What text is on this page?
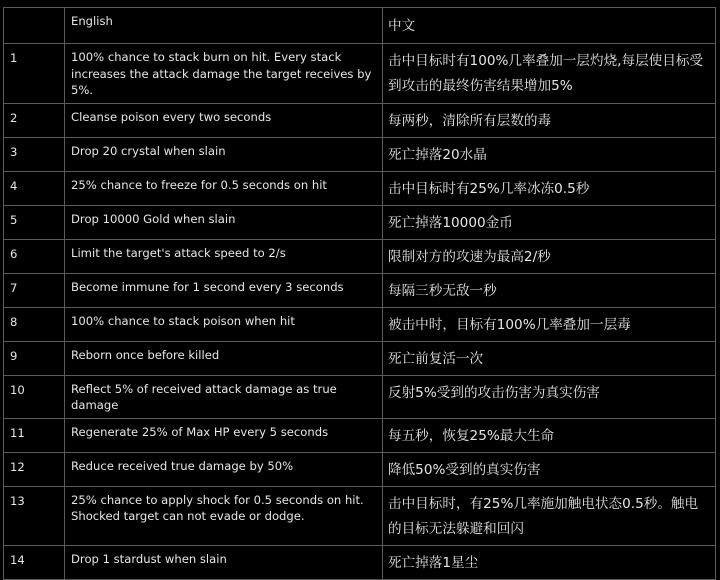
	English	中文
1	100% chance to stack burn on hit. Every stack increases the attack damage the target receives by 5%.	击中目标时有100%几率叠加一层灼烧,每层使目标受到攻击的最终伤害结果增加5%
2	Cleanse poison every two seconds	每两秒，清除所有层数的毒
3	Drop 20 crystal when slain	死亡掉落20水晶
4	25% chance to freeze for 0.5 seconds on hit	击中目标时有25%几率冰冻0.5秒
5	Drop 10000 Gold when slain	死亡掉落10000金币
6	Limit the target's attack speed to 2/s	限制对方的攻速为最高2/秒
7	Become immune for 1 second every 3 seconds	每隔三秒无敌一秒
8	100% chance to stack poison when hit	被击中时，目标有100%几率叠加一层毒
9	Reborn once before killed	死亡前复活一次
10	Reflect 5% of received attack damage as true damage	反射5%受到的攻击伤害为真实伤害
11	Regenerate 25% of Max HP every 5 seconds	每五秒，恢复25%最大生命
12	Reduce received true damage by 50%	降低50%受到的真实伤害
13	25% chance to apply shock for 0.5 seconds on hit. Shocked target can not evade or dodge.	击中目标时，有25%几率施加触电状态0.5秒。触电的目标无法躲避和回闪
14	Drop 1 stardust when slain	死亡掉落1星尘
